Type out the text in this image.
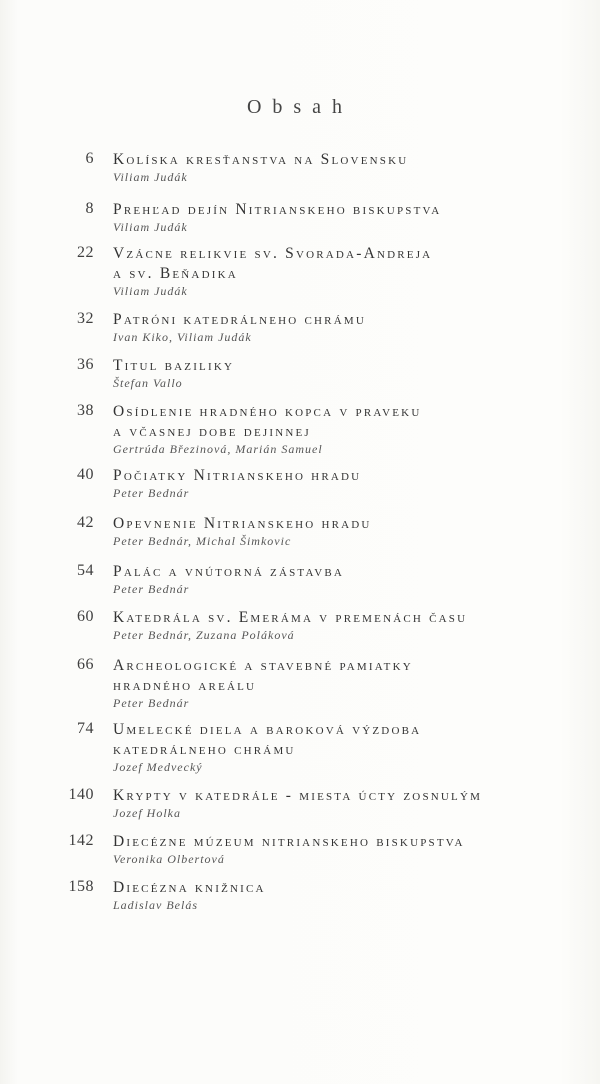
Obsah
6 Kolíska kresťanstva na Slovensku
Viliam Judák
8 Prehľad dejín Nitrianskeho biskupstva
Viliam Judák
22 Vzácne relikvie sv. Svorada-Andreja
a sv. Beňadika
Viliam Judák
32 Patróni katedrálneho chrámu
Ivan Kiko, Viliam Judák
36 Titul baziliky
Štefan Vallo
38 Osídlenie hradného kopca v praveku
a včasnej dobe dejinnej
Gertrúda Březinová, Marián Samuel
40 Počiatky Nitrianskeho hradu
Peter Bednár
42 Opevnenie Nitrianskeho hradu
Peter Bednár, Michal Šimkovic
54 Palác a vnútorná zástavba
Peter Bednár
60 Katedrála sv. Emeráma v premenách času
Peter Bednár, Zuzana Poláková
66 Archeologické a stavebné pamiatky
hradného areálu
Peter Bednár
74 Umelecké diela a baroková výzdoba
katedrálneho chrámu
Jozef Medvecký
140 Krypty v katedrále - miesta úcty zosnulým
Jozef Holka
142 Diecézne múzeum nitrianskeho biskupstva
Veronika Olbertová
158 Diecézna knižnica
Ladislav Belás
